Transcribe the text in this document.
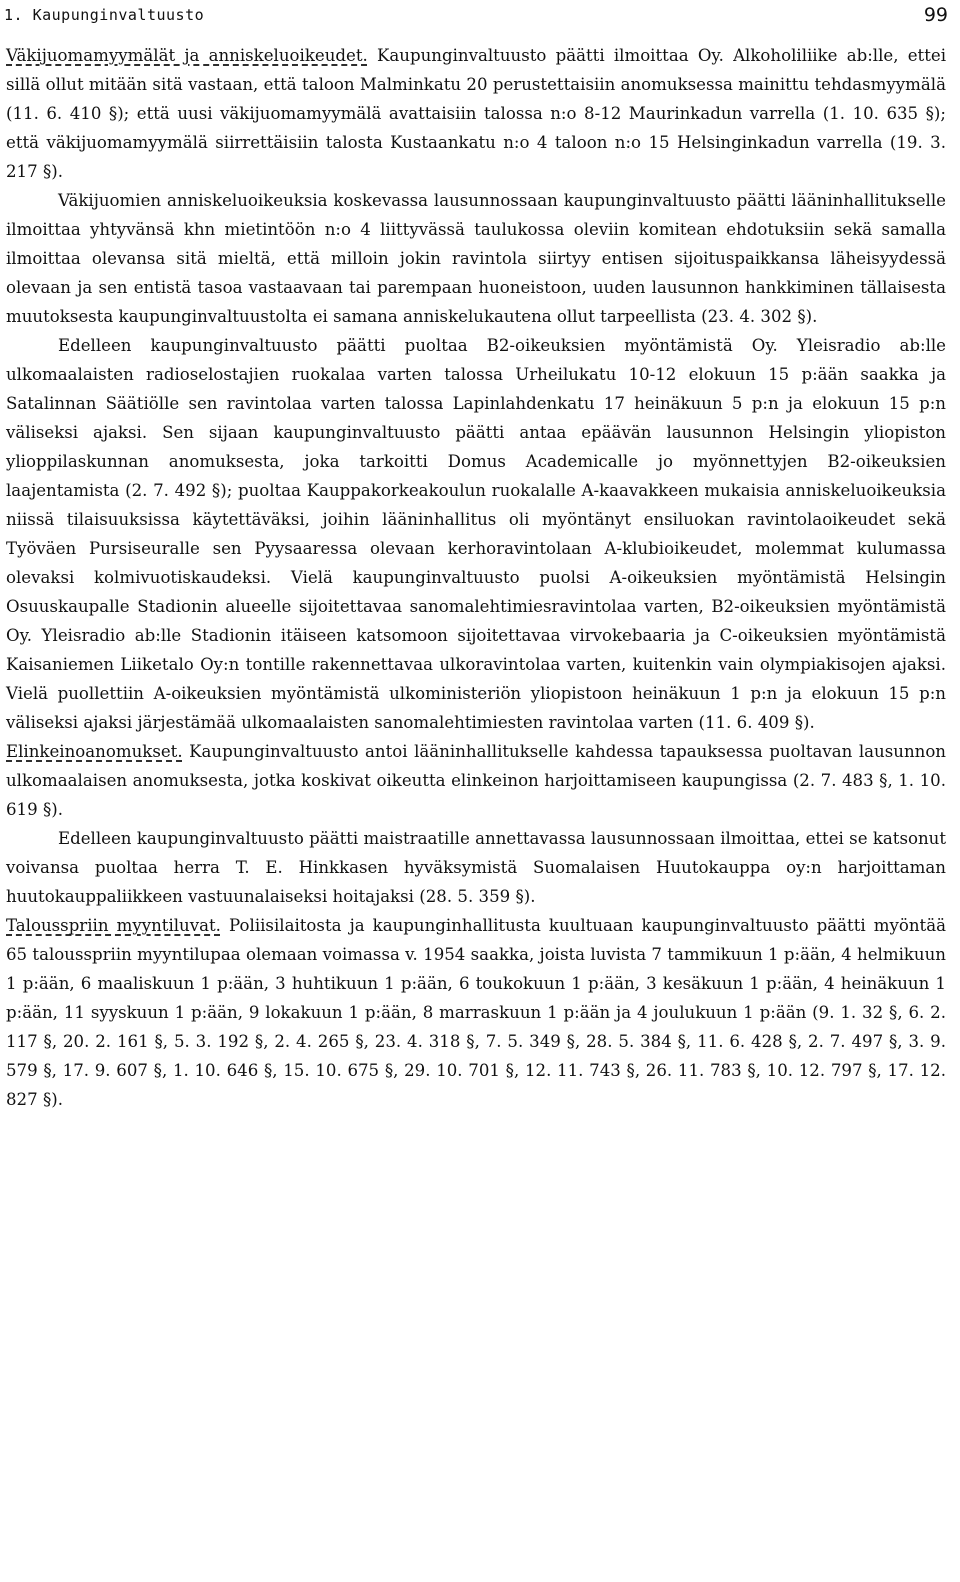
1. Kaupunginvaltuusto	99

Väkijuomamyymälät ja anniskeluoikeudet. Kaupunginvaltuusto päätti ilmoittaa Oy. Alkoholiliike ab:lle, ettei sillä ollut mitään sitä vastaan, että taloon Malminkatu 20 perustettaisiin anomuksessa mainittu tehdasmyymälä (11. 6. 410 §); että uusi väkijuomamyymälä avattaisiin talossa n:o 8-12 Maurinkadun varrella (1. 10. 635 §); että väkijuomamyymälä siirrettäisiin talosta Kustaankatu n:o 4 taloon n:o 15 Helsinginkadun varrella (19. 3. 217 §).

Väkijuomien anniskeluoikeuksia koskevassa lausunnossaan kaupunginvaltuusto päätti lääninhallitukselle ilmoittaa yhtyvänsä khn mietintöön n:o 4 liittyvässä taulukossa oleviin komitean ehdotuksiin sekä samalla ilmoittaa olevansa sitä mieltä, että milloin jokin ravintola siirtyy entisen sijoituspaikkansa läheisyydessä olevaan ja sen entistä tasoa vastaavaan tai parempaan huoneistoon, uuden lausunnon hankkiminen tällaisesta muutoksesta kaupunginvaltuustolta ei samana anniskelukautena ollut tarpeellista (23. 4. 302 §).

Edelleen kaupunginvaltuusto päätti puoltaa B2-oikeuksien myöntämistä Oy. Yleisradio ab:lle ulkomaalaisten radioselostajien ruokalaa varten talossa Urheilukatu 10-12 elokuun 15 p:ään saakka ja Satalinnan Säätiölle sen ravintolaa varten talossa Lapinlahdenkatu 17 heinäkuun 5 p:n ja elokuun 15 p:n väliseksi ajaksi. Sen sijaan kaupunginvaltuusto päätti antaa epäävän lausunnon Helsingin yliopiston ylioppilaskunnan anomuksesta, joka tarkoitti Domus Academicalle jo myönnettyjen B2-oikeuksien laajentamista (2. 7. 492 §); puoltaa Kauppakorkeakoulun ruokalalle A-kaavakkeen mukaisia anniskeluoikeuksia niissä tilaisuuksissa käytettäväksi, joihin lääninhallitus oli myöntänyt ensiluokan ravintolaoikeudet sekä Työväen Pursiseuralle sen Pyysaaressa olevaan kerhoravintolaan A-klubioikeudet, molemmat kulumassa olevaksi kolmivuotiskaudeksi. Vielä kaupunginvaltuusto puolsi A-oikeuksien myöntämistä Helsingin Osuuskaupalle Stadionin alueelle sijoitettavaa sanomalehtimiesravintolaa varten, B2-oikeuksien myöntämistä Oy. Yleisradio ab:lle Stadionin itäiseen katsomoon sijoitettavaa virvokebaaria ja C-oikeuksien myöntämistä Kaisaniemen Liiketalo Oy:n tontille rakennettavaa ulkoravintolaa varten, kuitenkin vain olympiakisojen ajaksi. Vielä puollettiin A-oikeuksien myöntämistä ulkoministeriön yliopistoon heinäkuun 1 p:n ja elokuun 15 p:n väliseksi ajaksi järjestämää ulkomaalaisten sanomalehtimiesten ravintolaa varten (11. 6. 409 §).

Elinkeinoanomukset. Kaupunginvaltuusto antoi lääninhallitukselle kahdessa tapauksessa puoltavan lausunnon ulkomaalaisen anomuksesta, jotka koskivat oikeutta elinkeinon harjoittamiseen kaupungissa (2. 7. 483 §, 1. 10. 619 §).

Edelleen kaupunginvaltuusto päätti maistraatille annettavassa lausunnossaan ilmoittaa, ettei se katsonut voivansa puoltaa herra T. E. Hinkkasen hyväksymistä Suomalaisen Huutokauppa oy:n harjoittaman huutokauppaliikkeen vastuunalaiseksi hoitajaksi (28. 5. 359 §).

Talousspriin myyntiluvat. Poliisilaitosta ja kaupunginhallitusta kuultuaan kaupunginvaltuusto päätti myöntää 65 talousspriin myyntilupaa olemaan voimassa v. 1954 saakka, joista luvista 7 tammikuun 1 p:ään, 4 helmikuun 1 p:ään, 6 maaliskuun 1 p:ään, 3 huhtikuun 1 p:ään, 6 toukokuun 1 p:ään, 3 kesäkuun 1 p:ään, 4 heinäkuun 1 p:ään, 11 syyskuun 1 p:ään, 9 lokakuun 1 p:ään, 8 marraskuun 1 p:ään ja 4 joulukuun 1 p:ään (9. 1. 32 §, 6. 2. 117 §, 20. 2. 161 §, 5. 3. 192 §, 2. 4. 265 §, 23. 4. 318 §, 7. 5. 349 §, 28. 5. 384 §, 11. 6. 428 §, 2. 7. 497 §, 3. 9. 579 §, 17. 9. 607 §, 1. 10. 646 §, 15. 10. 675 §, 29. 10. 701 §, 12. 11. 743 §, 26. 11. 783 §, 10. 12. 797 §, 17. 12. 827 §).
